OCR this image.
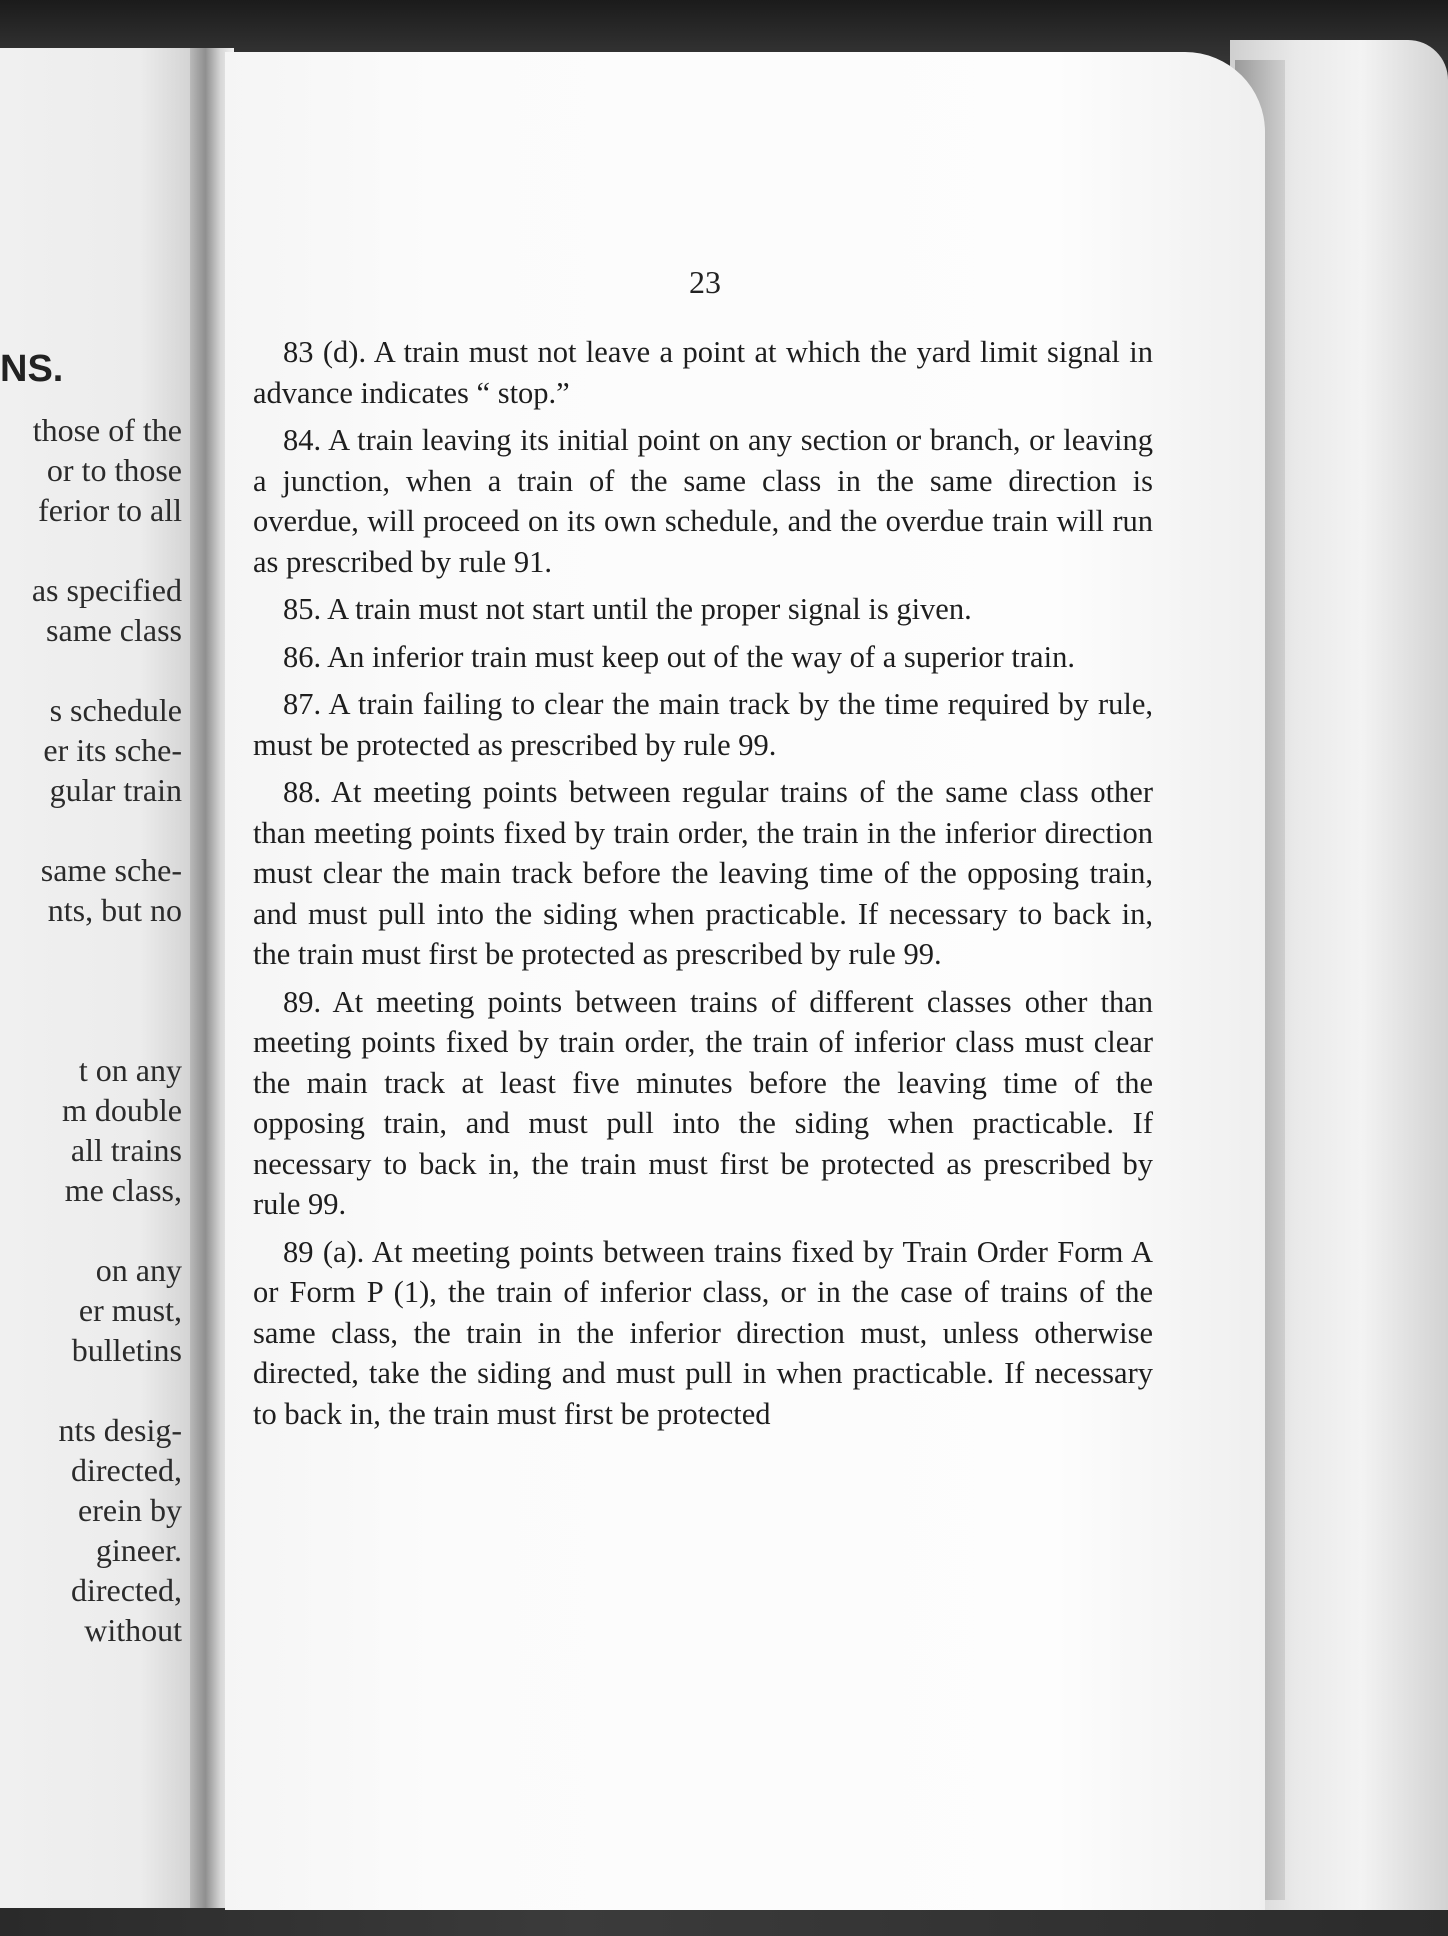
NS.
those of the
or to those
ferior to all
as specified
same class
s schedule
er its sche-
gular train
same sche-
nts, but no
t on any
m double
all trains
me class,
on any
er must,
bulletins
nts desig-
directed,
erein by
gineer.
directed,
without

23

83 (d). A train must not leave a point at which the yard limit signal in advance indicates “ stop.”
84. A train leaving its initial point on any section or branch, or leaving a junction, when a train of the same class in the same direction is overdue, will proceed on its own schedule, and the overdue train will run as prescribed by rule 91.
85. A train must not start until the proper signal is given.
86. An inferior train must keep out of the way of a superior train.
87. A train failing to clear the main track by the time required by rule, must be protected as prescribed by rule 99.
88. At meeting points between regular trains of the same class other than meeting points fixed by train order, the train in the inferior direction must clear the main track before the leaving time of the opposing train, and must pull into the siding when practicable. If necessary to back in, the train must first be protected as prescribed by rule 99.
89. At meeting points between trains of different classes other than meeting points fixed by train order, the train of inferior class must clear the main track at least five minutes before the leaving time of the opposing train, and must pull into the siding when practicable. If necessary to back in, the train must first be protected as prescribed by rule 99.
89 (a). At meeting points between trains fixed by Train Order Form A or Form P (1), the train of inferior class, or in the case of trains of the same class, the train in the inferior direction must, unless otherwise directed, take the siding and must pull in when practicable. If necessary to back in, the train must first be protected
